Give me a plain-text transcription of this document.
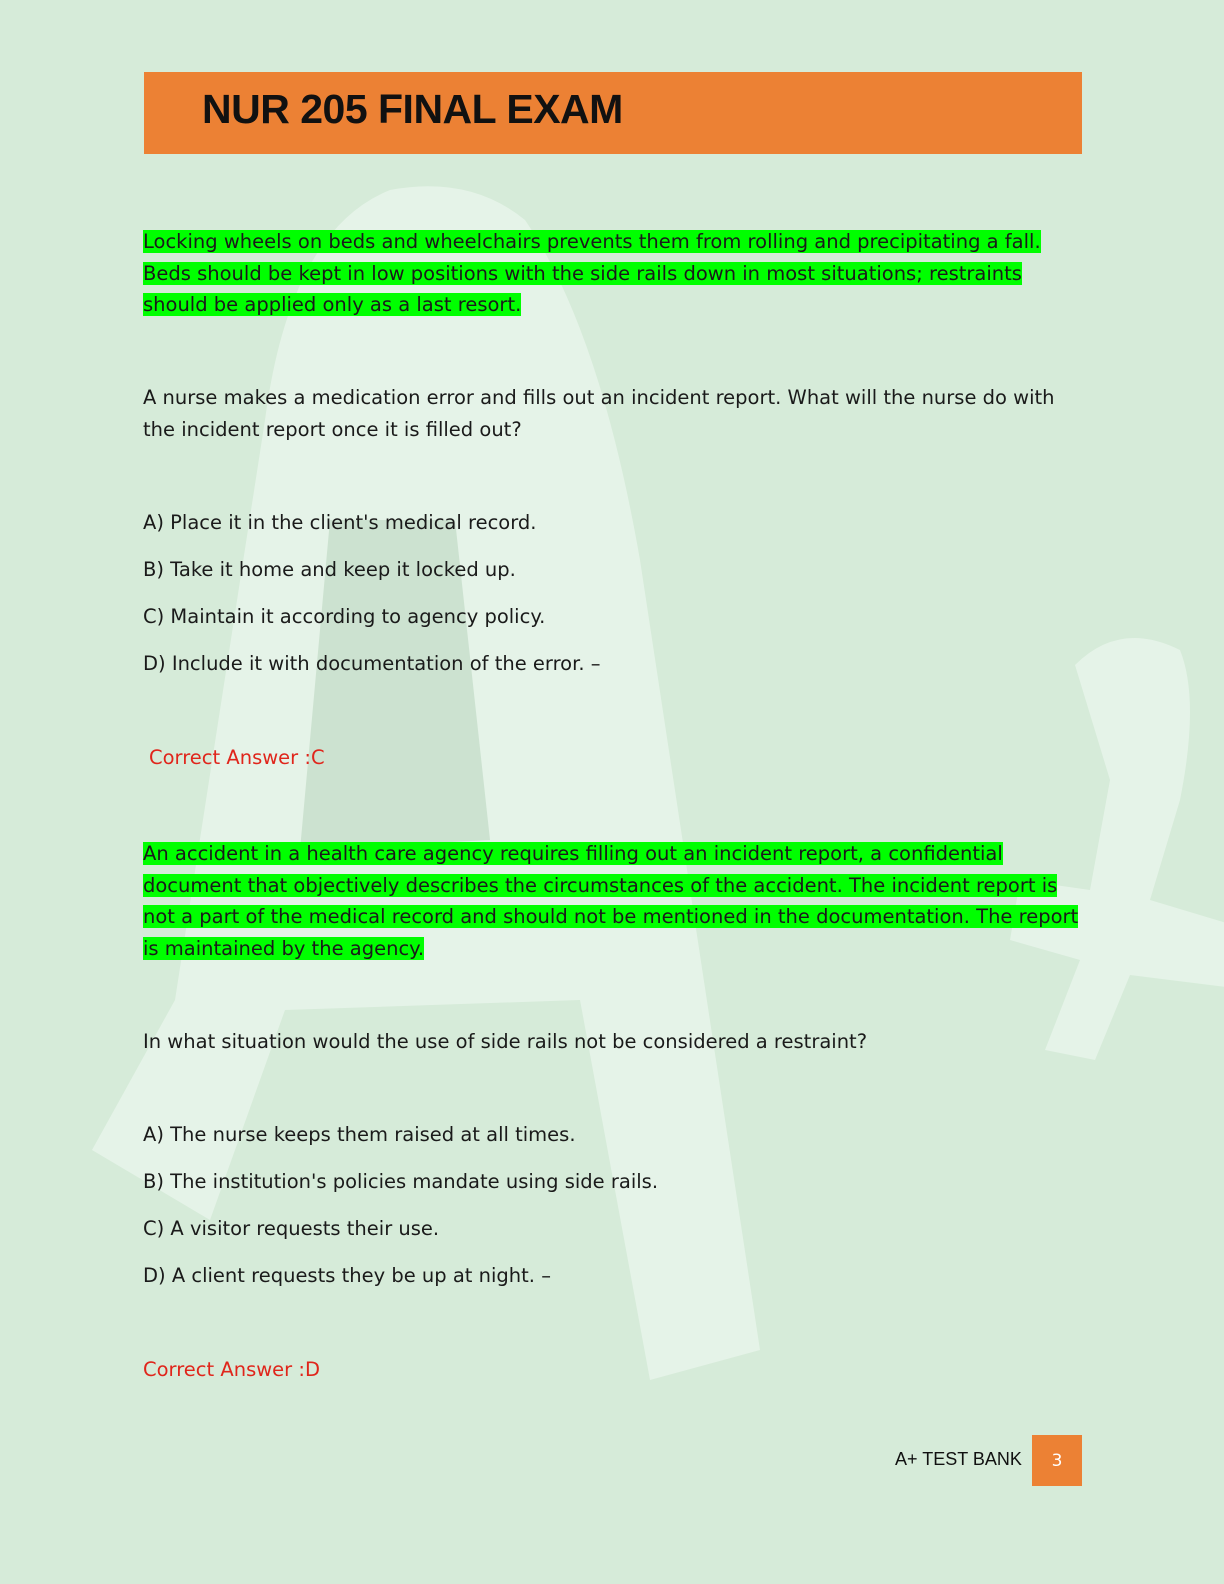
NUR 205 FINAL EXAM
Locking wheels on beds and wheelchairs prevents them from rolling and precipitating a fall. Beds should be kept in low positions with the side rails down in most situations; restraints should be applied only as a last resort.
A nurse makes a medication error and fills out an incident report. What will the nurse do with the incident report once it is filled out?
A) Place it in the client's medical record.
B) Take it home and keep it locked up.
C) Maintain it according to agency policy.
D) Include it with documentation of the error. –
Correct Answer :C
An accident in a health care agency requires filling out an incident report, a confidential document that objectively describes the circumstances of the accident. The incident report is not a part of the medical record and should not be mentioned in the documentation. The report is maintained by the agency.
In what situation would the use of side rails not be considered a restraint?
A) The nurse keeps them raised at all times.
B) The institution's policies mandate using side rails.
C) A visitor requests their use.
D) A client requests they be up at night. –
Correct Answer :D
A+ TEST BANK 3
